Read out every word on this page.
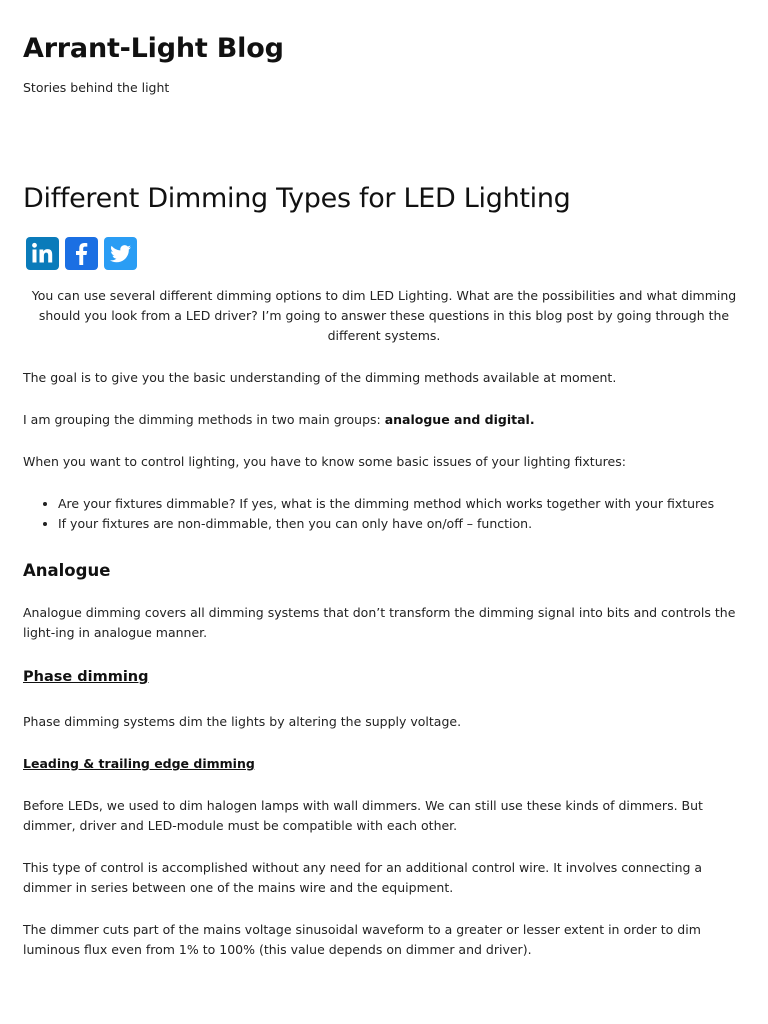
Arrant-Light Blog

Stories behind the light

Different Dimming Types for LED Lighting

You can use several different dimming options to dim LED Lighting. What are the possibilities and what dimming should you look from a LED driver? I’m going to answer these questions in this blog post by going through the different systems.

The goal is to give you the basic understanding of the dimming methods available at moment.

I am grouping the dimming methods in two main groups: analogue and digital.

When you want to control lighting, you have to know some basic issues of your lighting fixtures:

• Are your fixtures dimmable? If yes, what is the dimming method which works together with your fixtures
• If your fixtures are non-dimmable, then you can only have on/off – function.
Analogue

Analogue dimming covers all dimming systems that don’t transform the dimming signal into bits and controls the light-ing in analogue manner.

Phase dimming

Phase dimming systems dim the lights by altering the supply voltage.

Leading & trailing edge dimming

Before LEDs, we used to dim halogen lamps with wall dimmers. We can still use these kinds of dimmers. But dimmer, driver and LED-module must be compatible with each other.

This type of control is accomplished without any need for an additional control wire. It involves connecting a dimmer in series between one of the mains wire and the equipment.

The dimmer cuts part of the mains voltage sinusoidal waveform to a greater or lesser extent in order to dim luminous flux even from 1% to 100% (this value depends on dimmer and driver).
